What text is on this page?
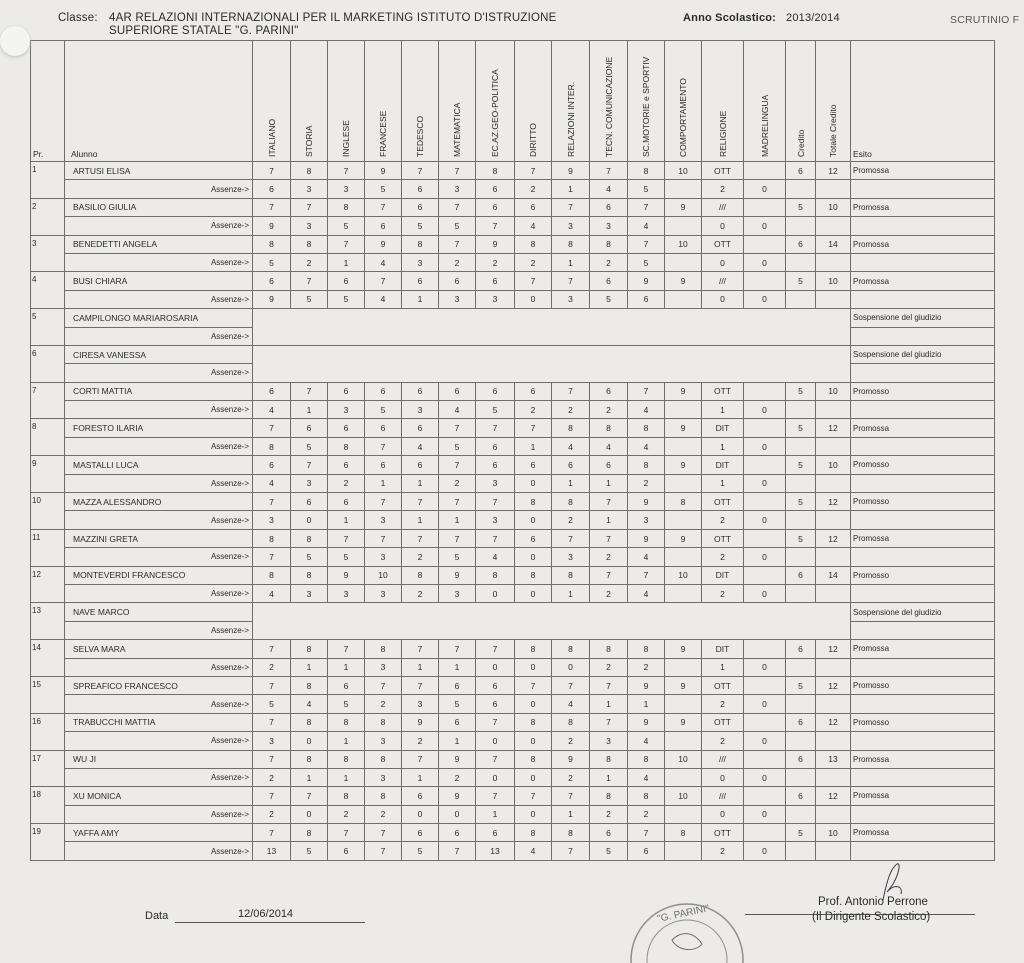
Classe: 4AR RELAZIONI INTERNAZIONALI PER IL MARKETING ISTITUTO D'ISTRUZIONE
SUPERIORE STATALE "G. PARINI"
Anno Scolastico: 2013/2014	SCRUTINIO F
Pr.	Alunno	ITALIANO	STORIA	INGLESE	FRANCESE	TEDESCO	MATEMATICA	EC.AZ.GEO-POLITICA	DIRITTO	RELAZIONI INTER.	TECN. COMUNICAZIONE	SC.MOTORIE e SPORTIV	COMPORTAMENTO	RELIGIONE	MADRELINGUA	Credito	Totale Credito	Esito
1	ARTUSI ELISA	7	8	7	9	7	7	8	7	9	7	8	10	OTT		6	12	Promossa
	Assenze->	6	3	3	5	6	3	6	2	1	4	5		2	0			
2	BASILIO GIULIA	7	7	8	7	6	7	6	6	7	6	7	9	///		5	10	Promossa
	Assenze->	9	3	5	6	5	5	7	4	3	3	4		0	0			
3	BENEDETTI ANGELA	8	8	7	9	8	7	9	8	8	8	7	10	OTT		6	14	Promossa
	Assenze->	5	2	1	4	3	2	2	2	1	2	5		0	0			
4	BUSI CHIARA	6	7	6	7	6	6	6	7	7	6	9	9	///		5	10	Promossa
	Assenze->	9	5	5	4	1	3	3	0	3	5	6		0	0			
5	CAMPILONGO MARIAROSARIA																	Sospensione del giudizio
	Assenze->																	
6	CIRESA VANESSA																	Sospensione del giudizio
	Assenze->																	
7	CORTI MATTIA	6	7	6	6	6	6	6	6	7	6	7	9	OTT		5	10	Promosso
	Assenze->	4	1	3	5	3	4	5	2	2	2	4		1	0			
8	FORESTO ILARIA	7	6	6	6	6	7	7	7	8	8	8	9	DIT		5	12	Promossa
	Assenze->	8	5	8	7	4	5	6	1	4	4	4		1	0			
9	MASTALLI LUCA	6	7	6	6	6	7	6	6	6	6	8	9	DIT		5	10	Promosso
	Assenze->	4	3	2	1	1	2	3	0	1	1	2		1	0			
10	MAZZA ALESSANDRO	7	6	6	7	7	7	7	8	8	7	9	8	OTT		5	12	Promosso
	Assenze->	3	0	1	3	1	1	3	0	2	1	3		2	0			
11	MAZZINI GRETA	8	8	7	7	7	7	7	6	7	7	9	9	OTT		5	12	Promossa
	Assenze->	7	5	5	3	2	5	4	0	3	2	4		2	0			
12	MONTEVERDI FRANCESCO	8	8	9	10	8	9	8	8	8	7	7	10	DIT		6	14	Promosso
	Assenze->	4	3	3	3	2	3	0	0	1	2	4		2	0			
13	NAVE MARCO																	Sospensione del giudizio
	Assenze->																	
14	SELVA MARA	7	8	7	8	7	7	7	8	8	8	8	9	DIT		6	12	Promossa
	Assenze->	2	1	1	3	1	1	0	0	0	2	2		1	0			
15	SPREAFICO FRANCESCO	7	8	6	7	7	6	6	7	7	7	9	9	OTT		5	12	Promosso
	Assenze->	5	4	5	2	3	5	6	0	4	1	1		2	0			
16	TRABUCCHI MATTIA	7	8	8	8	9	6	7	8	8	7	9	9	OTT		6	12	Promosso
	Assenze->	3	0	1	3	2	1	0	0	2	3	4		2	0			
17	WU JI	7	8	8	8	7	9	7	8	9	8	8	10	///		6	13	Promossa
	Assenze->	2	1	1	3	1	2	0	0	2	1	4		0	0			
18	XU MONICA	7	7	8	8	6	9	7	7	7	8	8	10	///		6	12	Promossa
	Assenze->	2	0	2	2	0	0	1	0	1	2	2		0	0			
19	YAFFA AMY	7	8	7	7	6	6	6	8	8	6	7	8	OTT		5	10	Promossa
	Assenze->	13	5	6	7	5	7	13	4	7	5	6		2	0			
Data	12/06/2014
Prof. Antonio Perrone
(Il Dirigente Scolastico)
"G. PARINI"
